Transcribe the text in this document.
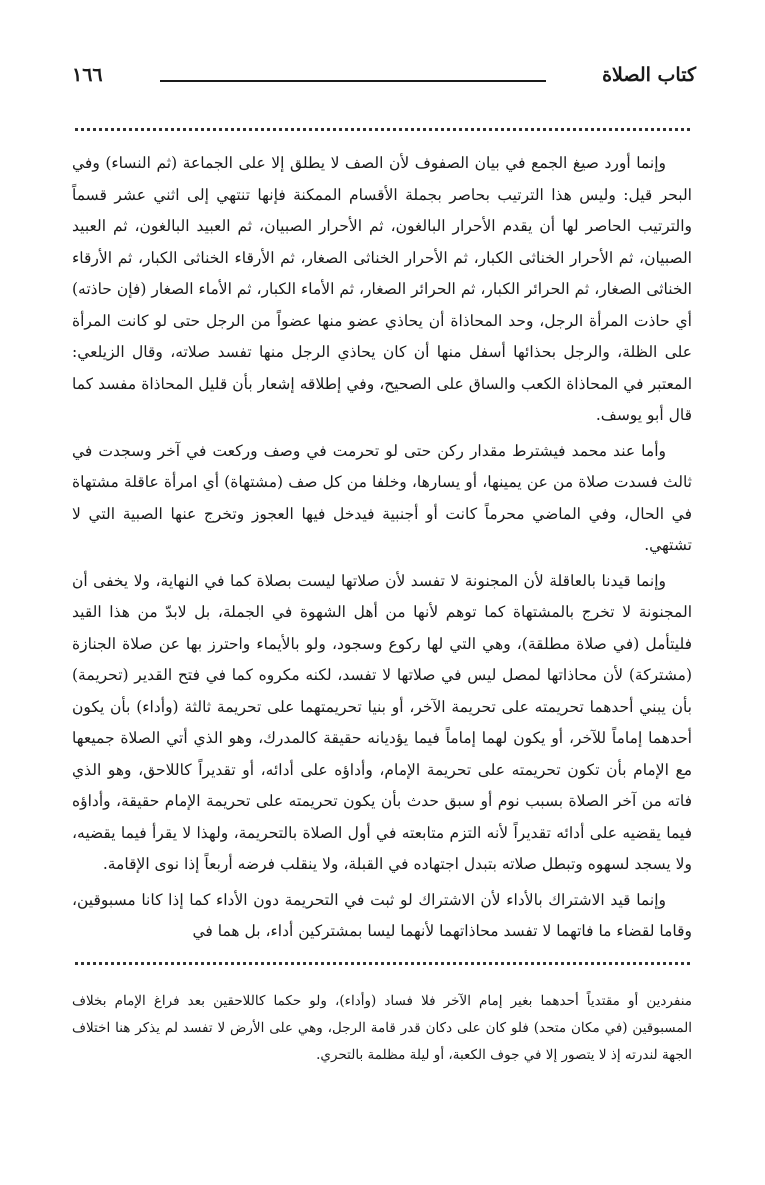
كتاب الصلاة
١٦٦

وإنما أورد صيغ الجمع في بيان الصفوف لأن الصف لا يطلق إلا على الجماعة (ثم النساء) وفي البحر قيل: وليس هذا الترتيب بحاصر بجملة الأقسام الممكنة فإنها تنتهي إلى اثني عشر قسماً والترتيب الحاصر لها أن يقدم الأحرار البالغون، ثم الأحرار الصبيان، ثم العبيد البالغون، ثم العبيد الصبيان، ثم الأحرار الخناثى الكبار، ثم الأحرار الخناثى الصغار، ثم الأرقاء الخناثى الكبار، ثم الأرقاء الخناثى الصغار، ثم الحرائر الكبار، ثم الحرائر الصغار، ثم الأماء الكبار، ثم الأماء الصغار (فإن حاذته) أي حاذت المرأة الرجل، وحد المحاذاة أن يحاذي عضو منها عضواً من الرجل حتى لو كانت المرأة على الظلة، والرجل بحذائها أسفل منها أن كان يحاذي الرجل منها تفسد صلاته، وقال الزيلعي: المعتبر في المحاذاة الكعب والساق على الصحيح، وفي إطلاقه إشعار بأن قليل المحاذاة مفسد كما قال أبو يوسف.

وأما عند محمد فيشترط مقدار ركن حتى لو تحرمت في وصف وركعت في آخر وسجدت في ثالث فسدت صلاة من عن يمينها، أو يسارها، وخلفا من كل صف (مشتهاة) أي امرأة عاقلة مشتهاة في الحال، وفي الماضي محرماً كانت أو أجنبية فيدخل فيها العجوز وتخرج عنها الصبية التي لا تشتهي.

وإنما قيدنا بالعاقلة لأن المجنونة لا تفسد لأن صلاتها ليست بصلاة كما في النهاية، ولا يخفى أن المجنونة لا تخرج بالمشتهاة كما توهم لأنها من أهل الشهوة في الجملة، بل لابدّ من هذا القيد فليتأمل (في صلاة مطلقة)، وهي التي لها ركوع وسجود، ولو بالأيماء واحترز بها عن صلاة الجنازة (مشتركة) لأن محاذاتها لمصل ليس في صلاتها لا تفسد، لكنه مكروه كما في فتح القدير (تحريمة) بأن يبني أحدهما تحريمته على تحريمة الآخر، أو بنيا تحريمتهما على تحريمة ثالثة (وأداء) بأن يكون أحدهما إماماً للآخر، أو يكون لهما إماماً فيما يؤديانه حقيقة كالمدرك، وهو الذي أتي الصلاة جميعها مع الإمام بأن تكون تحريمته على تحريمة الإمام، وأداؤه على أدائه، أو تقديراً كاللاحق، وهو الذي فاته من آخر الصلاة بسبب نوم أو سبق حدث بأن يكون تحريمته على تحريمة الإمام حقيقة، وأداؤه فيما يقضيه على أدائه تقديراً لأنه التزم متابعته في أول الصلاة بالتحريمة، ولهذا لا يقرأ فيما يقضيه، ولا يسجد لسهوه وتبطل صلاته بتبدل اجتهاده في القبلة، ولا ينقلب فرضه أربعاً إذا نوى الإقامة.

وإنما قيد الاشتراك بالأداء لأن الاشتراك لو ثبت في التحريمة دون الأداء كما إذا كانا مسبوقين، وقاما لقضاء ما فاتهما لا تفسد محاذاتهما لأنهما ليسا بمشتركين أداء، بل هما في

منفردين أو مقتدياً أحدهما بغير إمام الآخر فلا فساد (وأداء)، ولو حكما كاللاحقين بعد فراغ الإمام بخلاف المسبوقين (في مكان متحد) فلو كان على دكان قدر قامة الرجل، وهي على الأرض لا تفسد لم يذكر هنا اختلاف الجهة لندرته إذ لا يتصور إلا في جوف الكعبة، أو ليلة مظلمة بالتحري.
